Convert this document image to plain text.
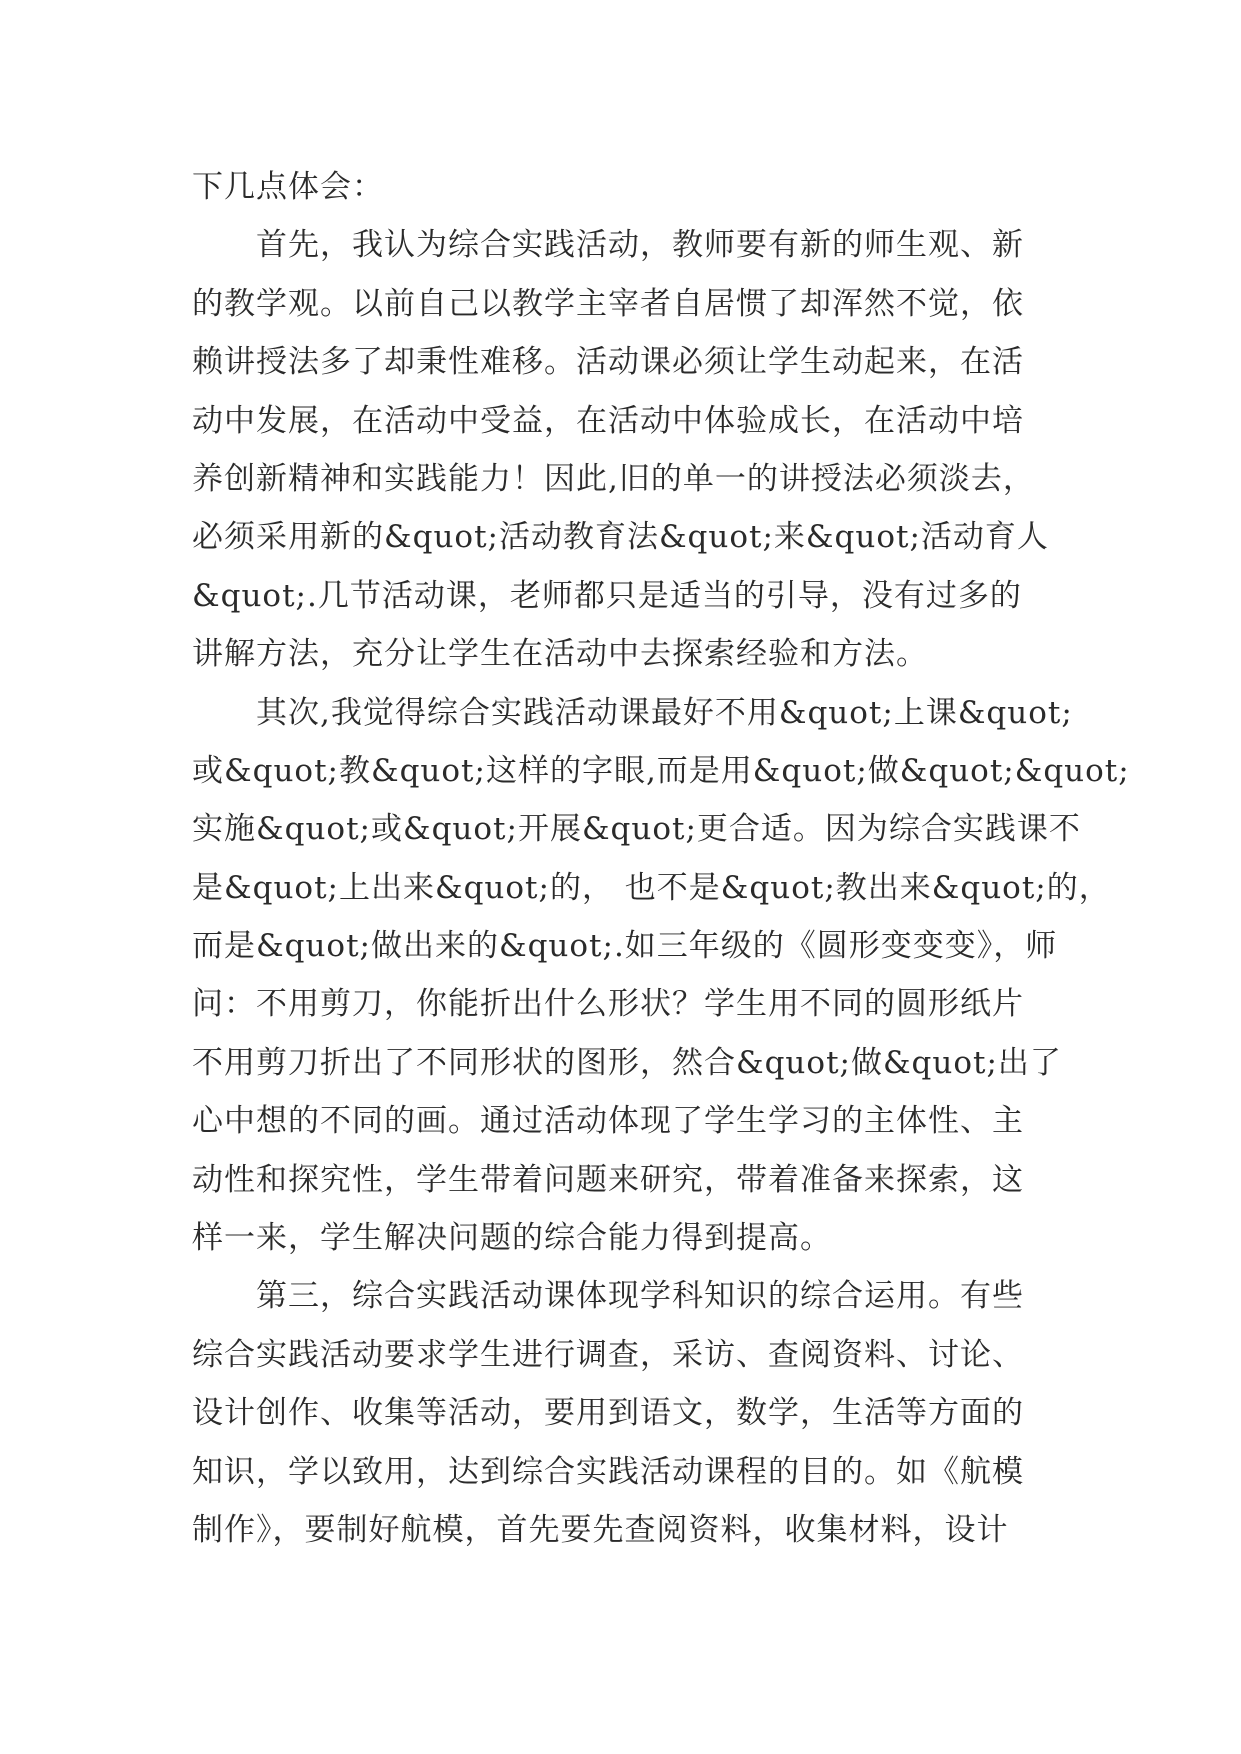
下几点体会：
　　首先，我认为综合实践活动，教师要有新的师生观、新
的教学观。以前自己以教学主宰者自居惯了却浑然不觉，依
赖讲授法多了却秉性难移。活动课必须让学生动起来，在活
动中发展，在活动中受益，在活动中体验成长，在活动中培
养创新精神和实践能力！因此,旧的单一的讲授法必须淡去，
必须采用新的&quot;活动教育法&quot;来&quot;活动育人
&quot;.几节活动课，老师都只是适当的引导，没有过多的
讲解方法，充分让学生在活动中去探索经验和方法。
　　其次,我觉得综合实践活动课最好不用&quot;上课&quot;
或&quot;教&quot;这样的字眼,而是用&quot;做&quot;&quot;
实施&quot;或&quot;开展&quot;更合适。因为综合实践课不
是&quot;上出来&quot;的， 也不是&quot;教出来&quot;的，
而是&quot;做出来的&quot;.如三年级的《圆形变变变》，师
问：不用剪刀，你能折出什么形状？学生用不同的圆形纸片
不用剪刀折出了不同形状的图形，然合&quot;做&quot;出了
心中想的不同的画。通过活动体现了学生学习的主体性、主
动性和探究性，学生带着问题来研究，带着准备来探索，这
样一来，学生解决问题的综合能力得到提高。
　　第三，综合实践活动课体现学科知识的综合运用。有些
综合实践活动要求学生进行调查，采访、查阅资料、讨论、
设计创作、收集等活动，要用到语文，数学，生活等方面的
知识，学以致用，达到综合实践活动课程的目的。如《航模
制作》，要制好航模，首先要先查阅资料，收集材料，设计
